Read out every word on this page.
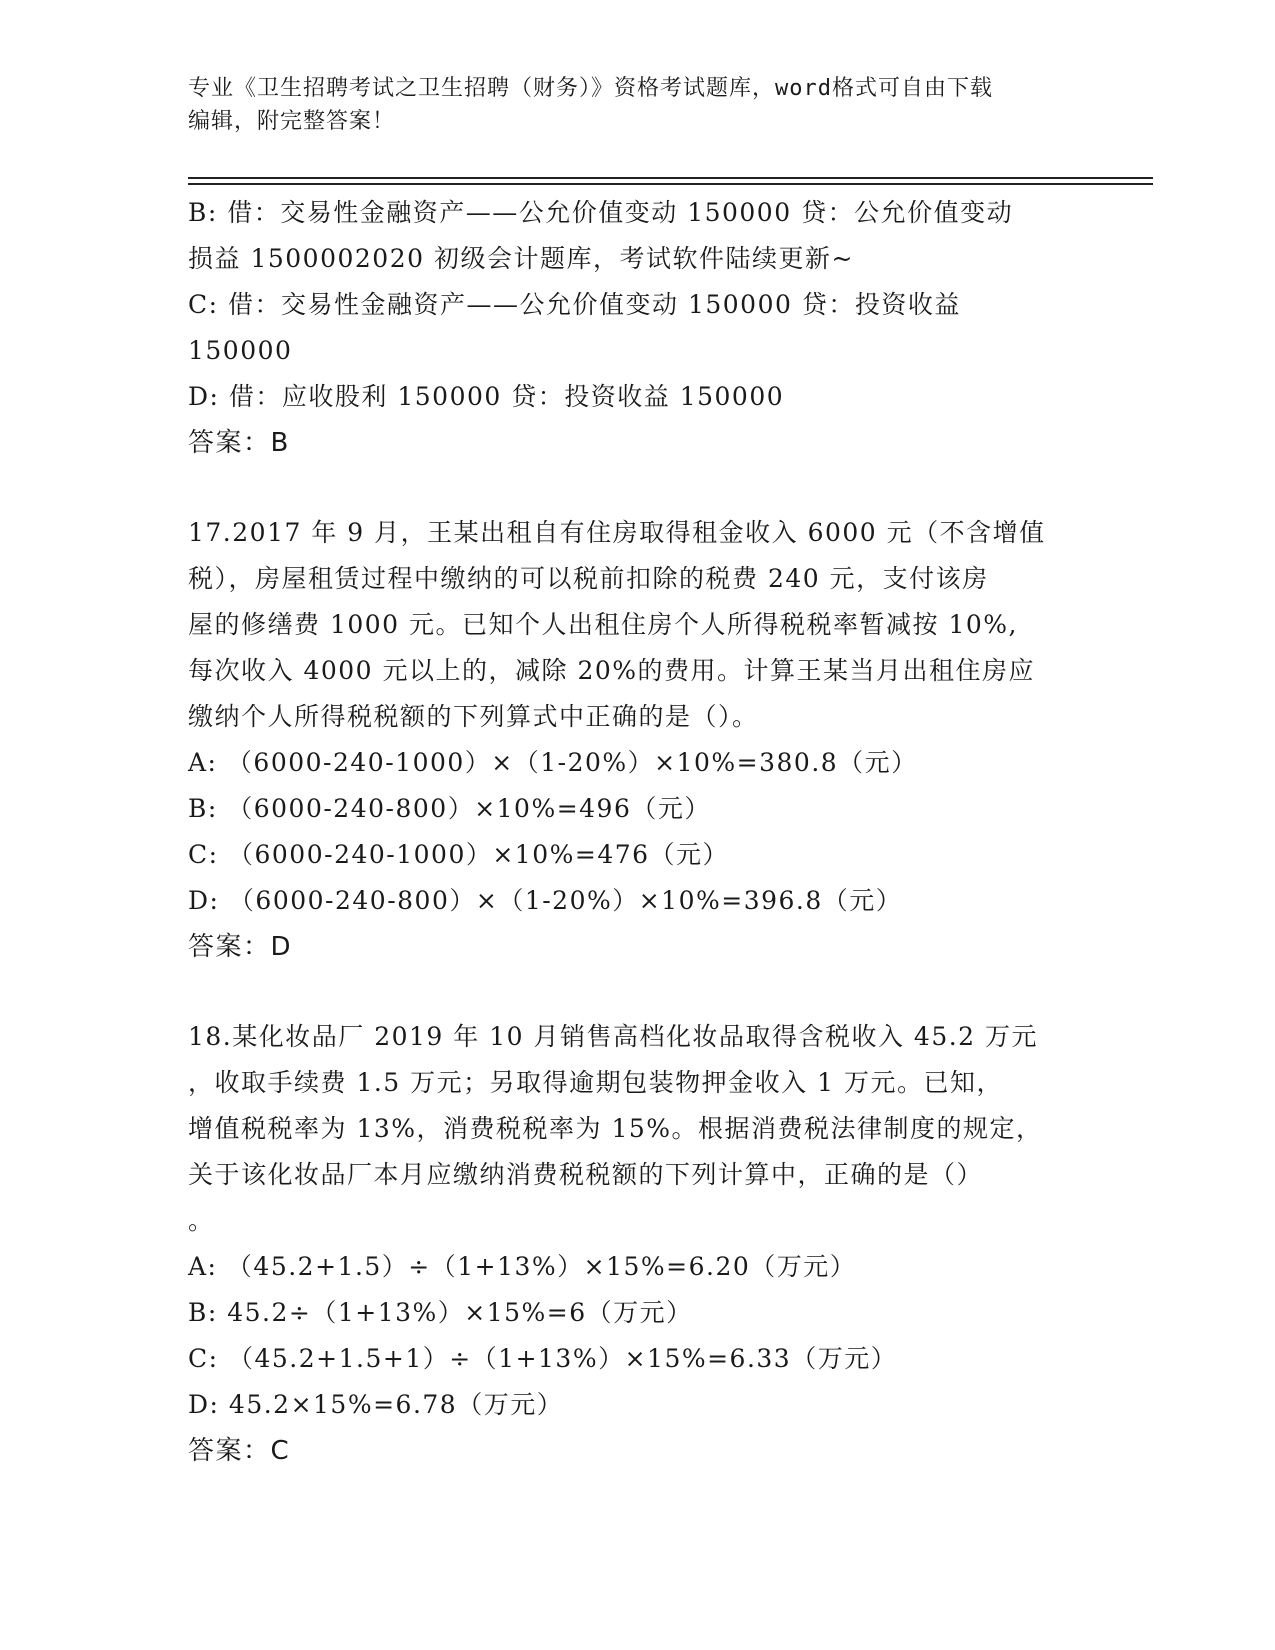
专业《卫生招聘考试之卫生招聘（财务）》资格考试题库，word格式可自由下载
编辑，附完整答案！
B: 借：交易性金融资产——公允价值变动 150000 贷：公允价值变动
损益 1500002020 初级会计题库，考试软件陆续更新~
C: 借：交易性金融资产——公允价值变动 150000 贷：投资收益
150000
D: 借：应收股利 150000 贷：投资收益 150000
答案：B
17.2017 年 9 月，王某出租自有住房取得租金收入 6000 元（不含增值
税），房屋租赁过程中缴纳的可以税前扣除的税费 240 元，支付该房
屋的修缮费 1000 元。已知个人出租住房个人所得税税率暂减按 10%,
每次收入 4000 元以上的，减除 20%的费用。计算王某当月出租住房应
缴纳个人所得税税额的下列算式中正确的是（）。
A: （6000-240-1000）×（1-20%）×10%=380.8（元）
B: （6000-240-800）×10%=496（元）
C: （6000-240-1000）×10%=476（元）
D: （6000-240-800）×（1-20%）×10%=396.8（元）
答案：D
18.某化妆品厂 2019 年 10 月销售高档化妆品取得含税收入 45.2 万元
，收取手续费 1.5 万元；另取得逾期包装物押金收入 1 万元。已知，
增值税税率为 13%，消费税税率为 15%。根据消费税法律制度的规定，
关于该化妆品厂本月应缴纳消费税税额的下列计算中，正确的是（）
。
A: （45.2+1.5）÷（1+13%）×15%=6.20（万元）
B: 45.2÷（1+13%）×15%=6（万元）
C: （45.2+1.5+1）÷（1+13%）×15%=6.33（万元）
D: 45.2×15%=6.78（万元）
答案：C
